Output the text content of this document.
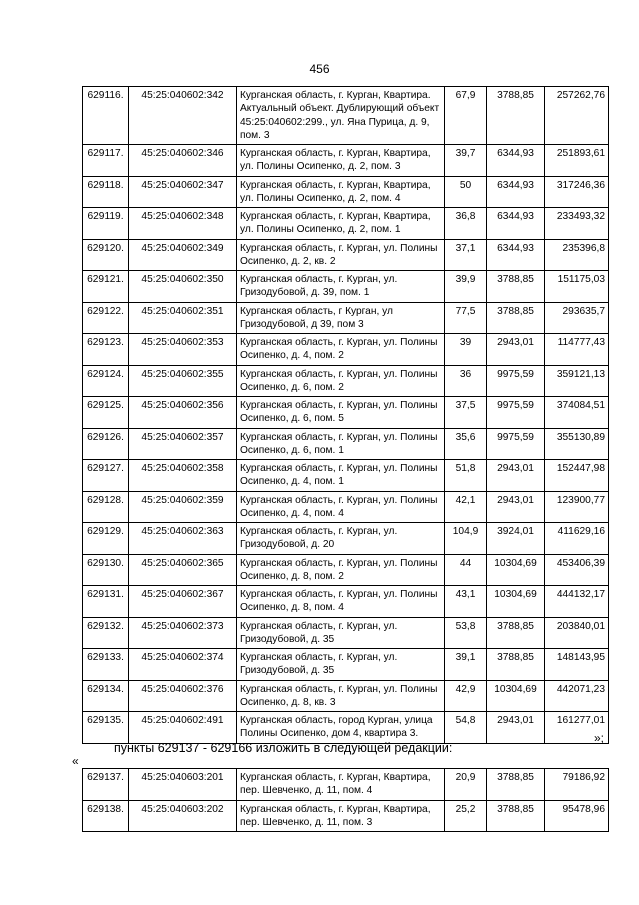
456
629116.	45:25:040602:342	Курганская область, г. Курган, Квартира. Актуальный объект. Дублирующий объект 45:25:040602:299., ул. Яна Пурица, д. 9, пом. 3	67,9	3788,85	257262,76
629117.	45:25:040602:346	Курганская область, г. Курган, Квартира, ул. Полины Осипенко, д. 2, пом. 3	39,7	6344,93	251893,61
629118.	45:25:040602:347	Курганская область, г. Курган, Квартира, ул. Полины Осипенко, д. 2, пом. 4	50	6344,93	317246,36
629119.	45:25:040602:348	Курганская область, г. Курган, Квартира, ул. Полины Осипенко, д. 2, пом. 1	36,8	6344,93	233493,32
629120.	45:25:040602:349	Курганская область, г. Курган, ул. Полины Осипенко, д. 2, кв. 2	37,1	6344,93	235396,8
629121.	45:25:040602:350	Курганская область, г. Курган, ул. Гризодубовой, д. 39, пом. 1	39,9	3788,85	151175,03
629122.	45:25:040602:351	Курганская область, г Курган, ул Гризодубовой, д 39, пом 3	77,5	3788,85	293635,7
629123.	45:25:040602:353	Курганская область, г. Курган, ул. Полины Осипенко, д. 4, пом. 2	39	2943,01	114777,43
629124.	45:25:040602:355	Курганская область, г. Курган, ул. Полины Осипенко, д. 6, пом. 2	36	9975,59	359121,13
629125.	45:25:040602:356	Курганская область, г. Курган, ул. Полины Осипенко, д. 6, пом. 5	37,5	9975,59	374084,51
629126.	45:25:040602:357	Курганская область, г. Курган, ул. Полины Осипенко, д. 6, пом. 1	35,6	9975,59	355130,89
629127.	45:25:040602:358	Курганская область, г. Курган, ул. Полины Осипенко, д. 4, пом. 1	51,8	2943,01	152447,98
629128.	45:25:040602:359	Курганская область, г. Курган, ул. Полины Осипенко, д. 4, пом. 4	42,1	2943,01	123900,77
629129.	45:25:040602:363	Курганская область, г. Курган, ул. Гризодубовой, д. 20	104,9	3924,01	411629,16
629130.	45:25:040602:365	Курганская область, г. Курган, ул. Полины Осипенко, д. 8, пом. 2	44	10304,69	453406,39
629131.	45:25:040602:367	Курганская область, г. Курган, ул. Полины Осипенко, д. 8, пом. 4	43,1	10304,69	444132,17
629132.	45:25:040602:373	Курганская область, г. Курган, ул. Гризодубовой, д. 35	53,8	3788,85	203840,01
629133.	45:25:040602:374	Курганская область, г. Курган, ул. Гризодубовой, д. 35	39,1	3788,85	148143,95
629134.	45:25:040602:376	Курганская область, г. Курган, ул. Полины Осипенко, д. 8, кв. 3	42,9	10304,69	442071,23
629135.	45:25:040602:491	Курганская область, город Курган, улица Полины Осипенко, дом 4, квартира 3.	54,8	2943,01	161277,01
»;
пункты 629137 - 629166 изложить в следующей редакции:
«
629137.	45:25:040603:201	Курганская область, г. Курган, Квартира, пер. Шевченко, д. 11, пом. 4	20,9	3788,85	79186,92
629138.	45:25:040603:202	Курганская область, г. Курган, Квартира, пер. Шевченко, д. 11, пом. 3	25,2	3788,85	95478,96
